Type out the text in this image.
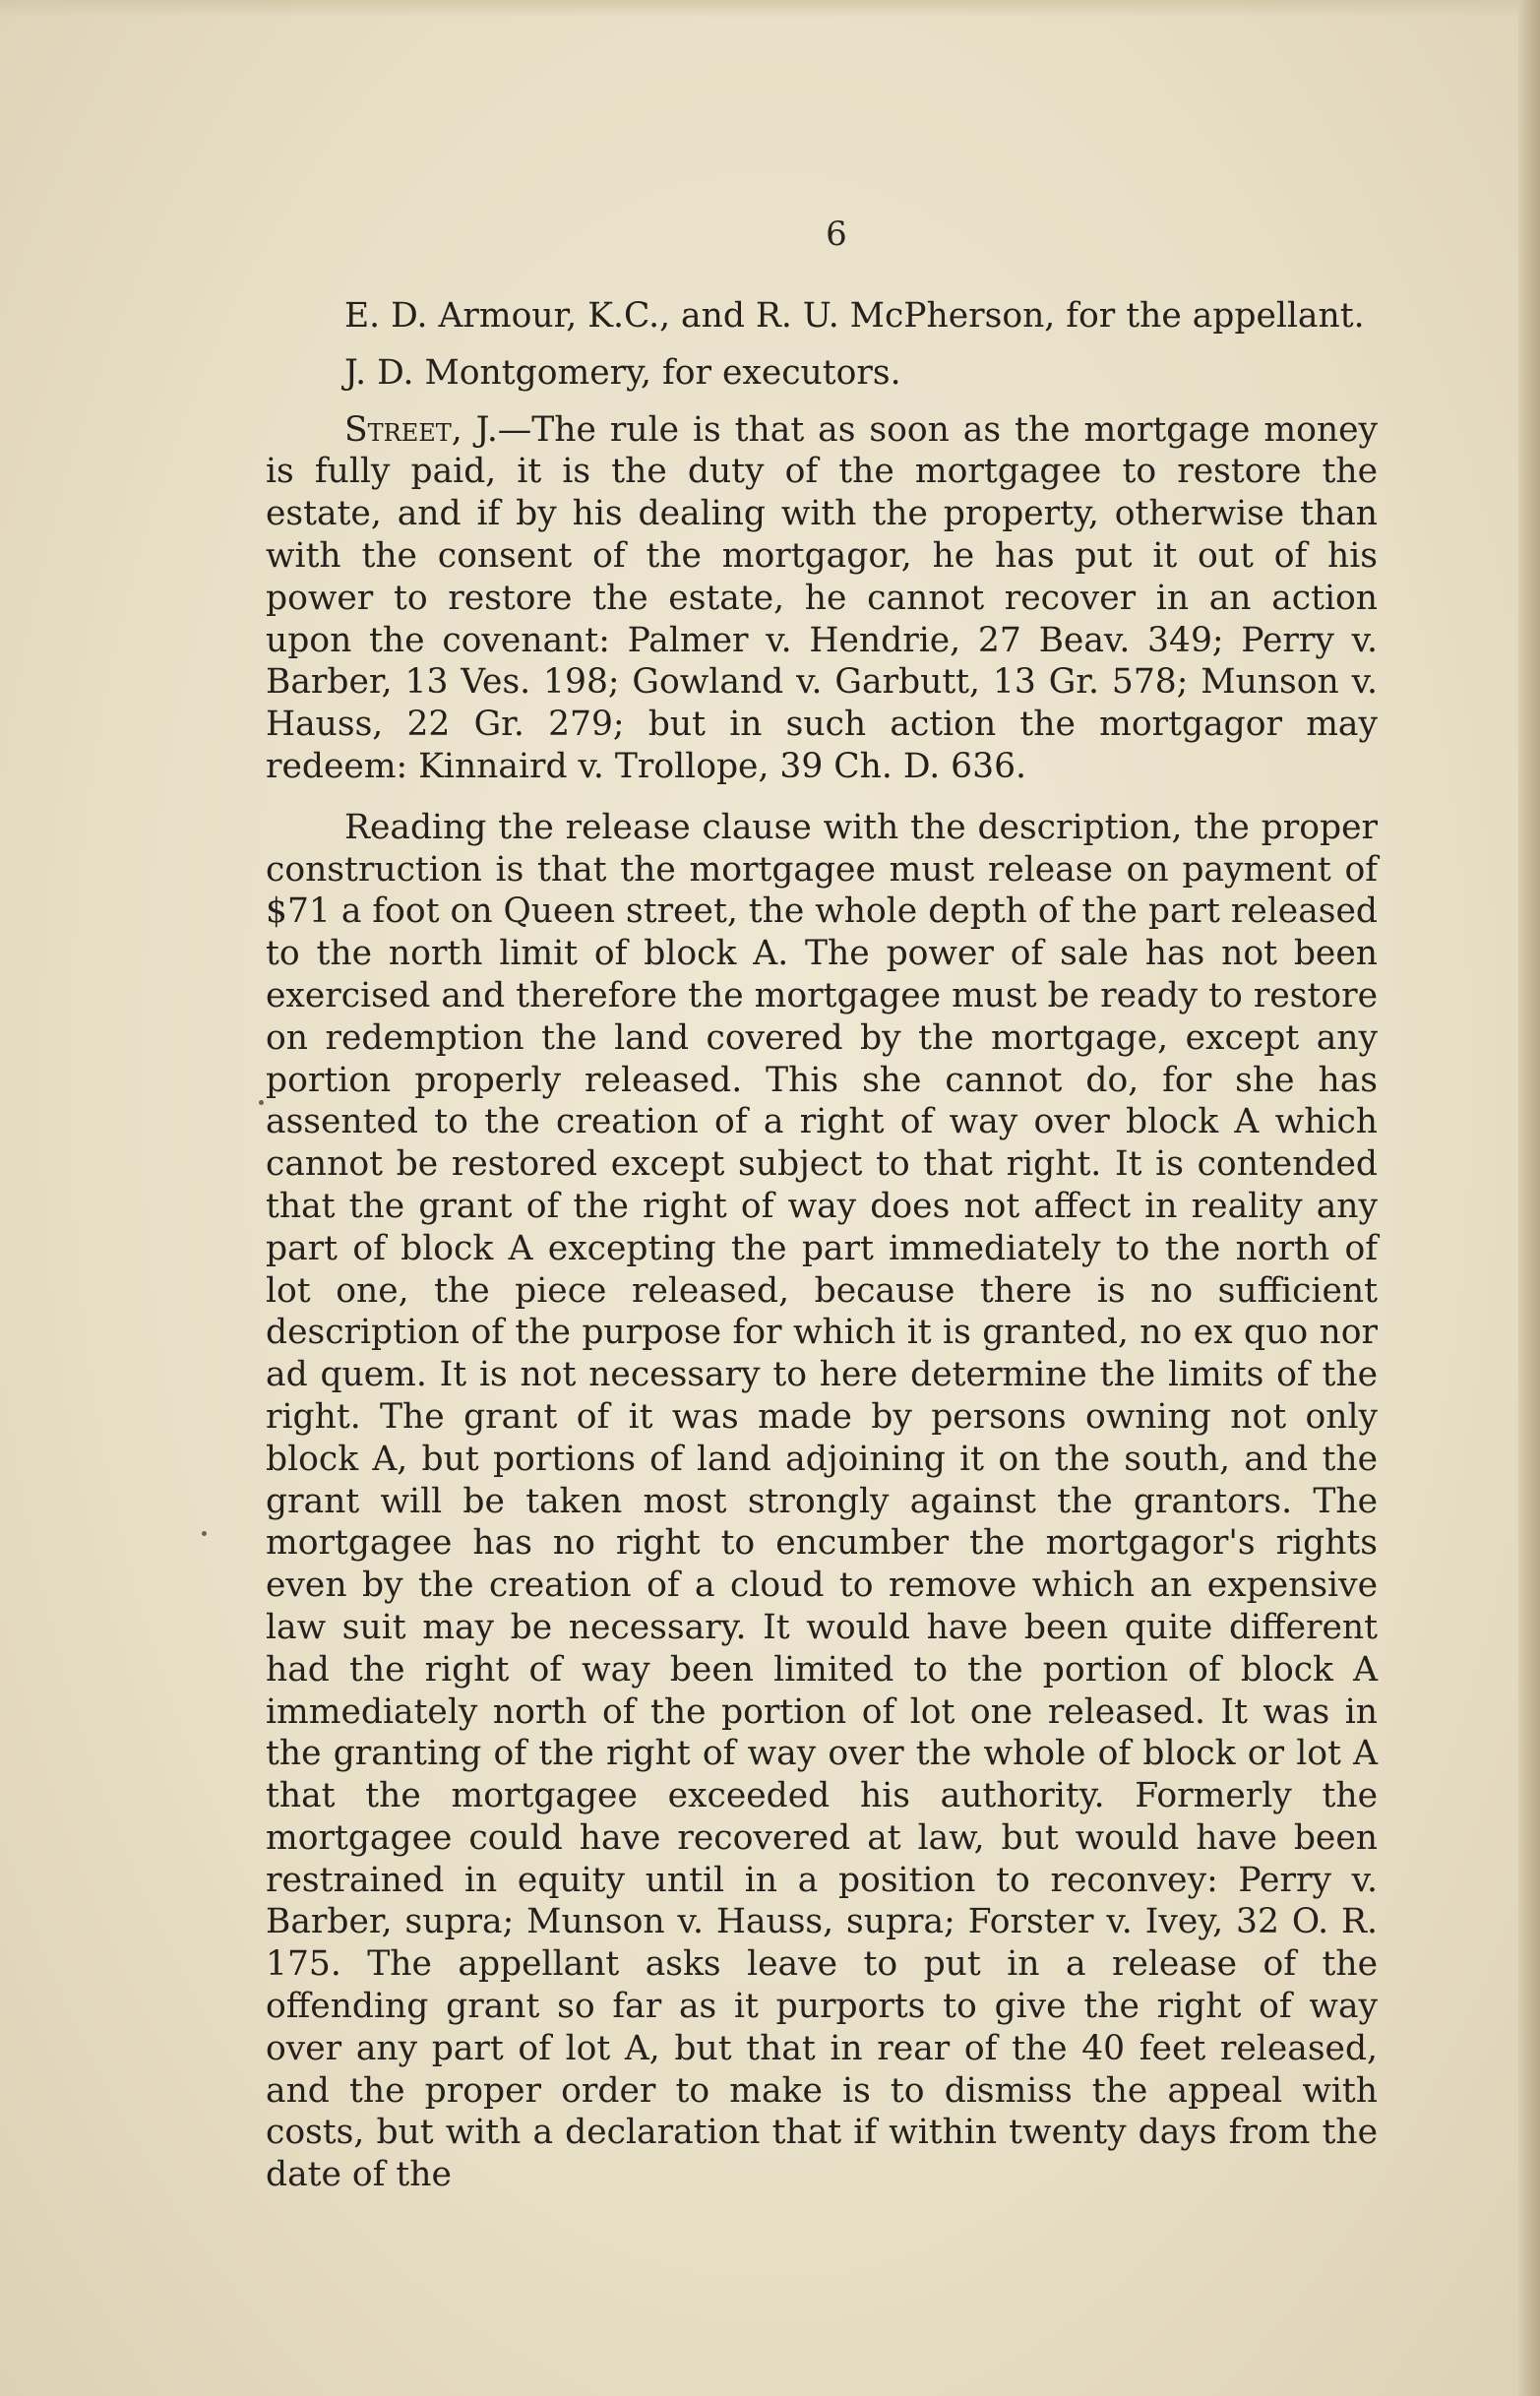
6

E. D. Armour, K.C., and R. U. McPherson, for the appellant.

J. D. Montgomery, for executors.

Street, J.—The rule is that as soon as the mortgage money is fully paid, it is the duty of the mortgagee to restore the estate, and if by his dealing with the property, otherwise than with the consent of the mortgagor, he has put it out of his power to restore the estate, he cannot recover in an action upon the covenant: Palmer v. Hendrie, 27 Beav. 349; Perry v. Barber, 13 Ves. 198; Gowland v. Garbutt, 13 Gr. 578; Munson v. Hauss, 22 Gr. 279; but in such action the mortgagor may redeem: Kinnaird v. Trollope, 39 Ch. D. 636.

Reading the release clause with the description, the proper construction is that the mortgagee must release on payment of $71 a foot on Queen street, the whole depth of the part released to the north limit of block A. The power of sale has not been exercised and therefore the mortgagee must be ready to restore on redemption the land covered by the mortgage, except any portion properly released. This she cannot do, for she has assented to the creation of a right of way over block A which cannot be restored except subject to that right. It is contended that the grant of the right of way does not affect in reality any part of block A excepting the part immediately to the north of lot one, the piece released, because there is no sufficient description of the purpose for which it is granted, no ex quo nor ad quem. It is not necessary to here determine the limits of the right. The grant of it was made by persons owning not only block A, but portions of land adjoining it on the south, and the grant will be taken most strongly against the grantors. The mortgagee has no right to encumber the mortgagor's rights even by the creation of a cloud to remove which an expensive law suit may be necessary. It would have been quite different had the right of way been limited to the portion of block A immediately north of the portion of lot one released. It was in the granting of the right of way over the whole of block or lot A that the mortgagee exceeded his authority. Formerly the mortgagee could have recovered at law, but would have been restrained in equity until in a position to reconvey: Perry v. Barber, supra; Munson v. Hauss, supra; Forster v. Ivey, 32 O. R. 175. The appellant asks leave to put in a release of the offending grant so far as it purports to give the right of way over any part of lot A, but that in rear of the 40 feet released, and the proper order to make is to dismiss the appeal with costs, but with a declaration that if within twenty days from the date of the
